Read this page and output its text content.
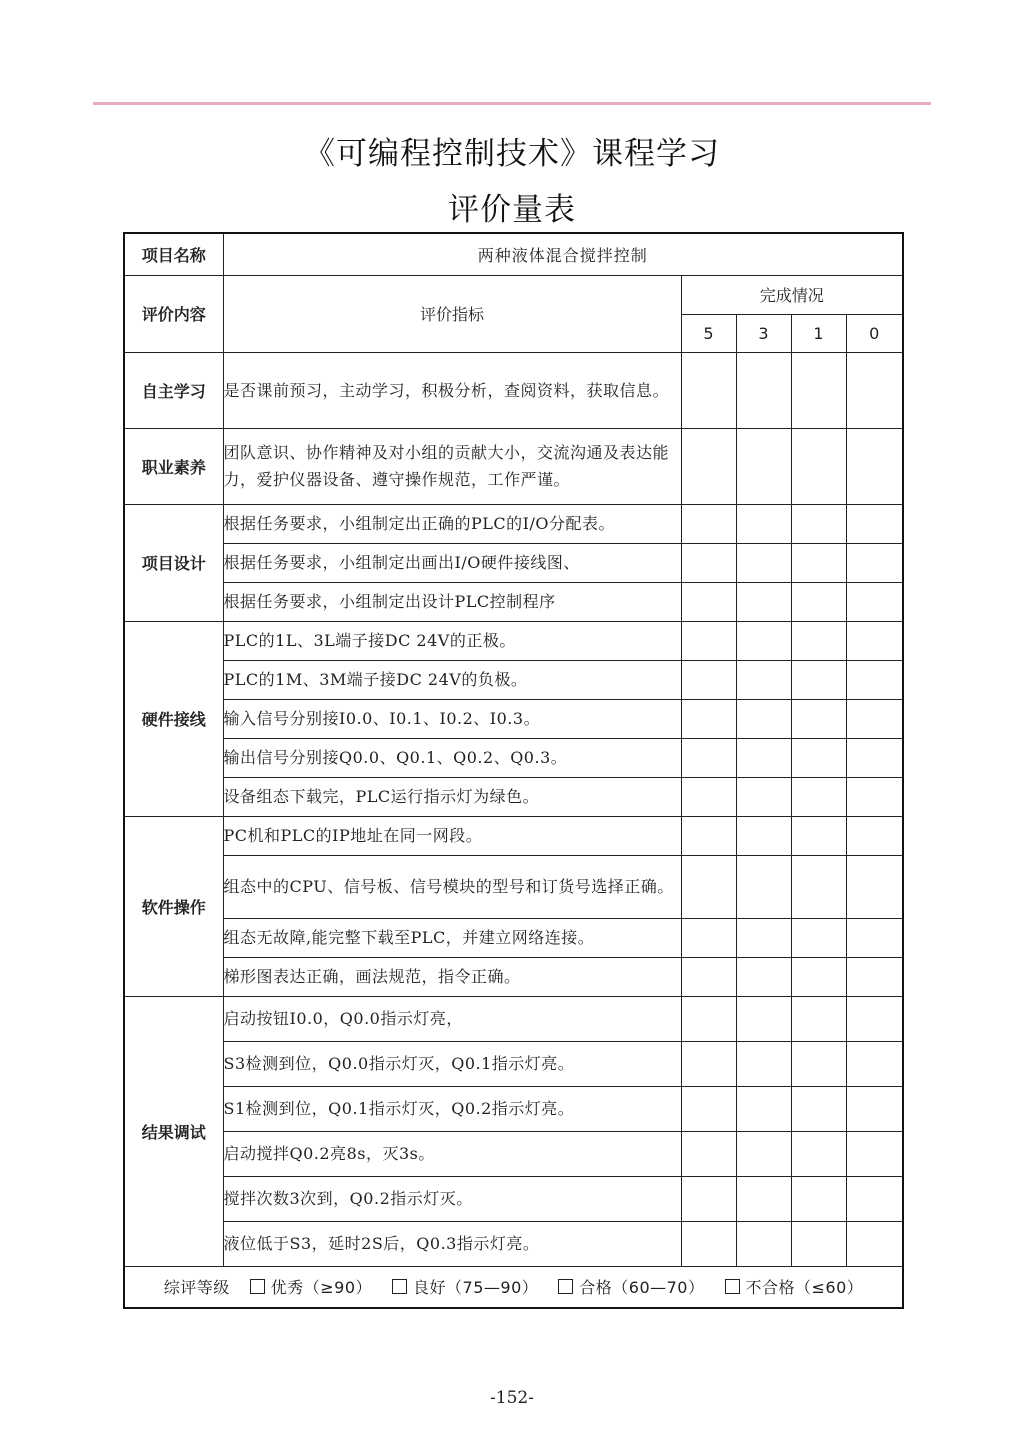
《可编程控制技术》课程学习
评价量表
项目名称	两种液体混合搅拌控制				
评价内容	评价指标	完成情况			
		5	3	1	0
自主学习	是否课前预习，主动学习，积极分析，查阅资料，获取信息。				
职业素养	团队意识、协作精神及对小组的贡献大小，交流沟通及表达能力，爱护仪器设备、遵守操作规范，工作严谨。				
项目设计	根据任务要求，小组制定出正确的PLC的I/O分配表。				
	根据任务要求，小组制定出画出I/O硬件接线图、				
	根据任务要求，小组制定出设计PLC控制程序				
硬件接线	PLC的1L、3L端子接DC 24V的正极。				
	PLC的1M、3M端子接DC 24V的负极。				
	输入信号分别接I0.0、I0.1、I0.2、I0.3。				
	输出信号分别接Q0.0、Q0.1、Q0.2、Q0.3。				
	设备组态下载完，PLC运行指示灯为绿色。				
软件操作	PC机和PLC的IP地址在同一网段。				
	组态中的CPU、信号板、信号模块的型号和订货号选择正确。				
	组态无故障,能完整下载至PLC，并建立网络连接。				
	梯形图表达正确，画法规范，指令正确。				
结果调试	启动按钮I0.0，Q0.0指示灯亮，				
	S3检测到位，Q0.0指示灯灭，Q0.1指示灯亮。				
	S1检测到位，Q0.1指示灯灭，Q0.2指示灯亮。				
	启动搅拌Q0.2亮8s，灭3s。				
	搅拌次数3次到，Q0.2指示灯灭。				
	液位低于S3，延时2S后，Q0.3指示灯亮。				
综评等级 优秀（≥90） 良好（75—90） 合格（60—70） 不合格（≤60）					
-152-
